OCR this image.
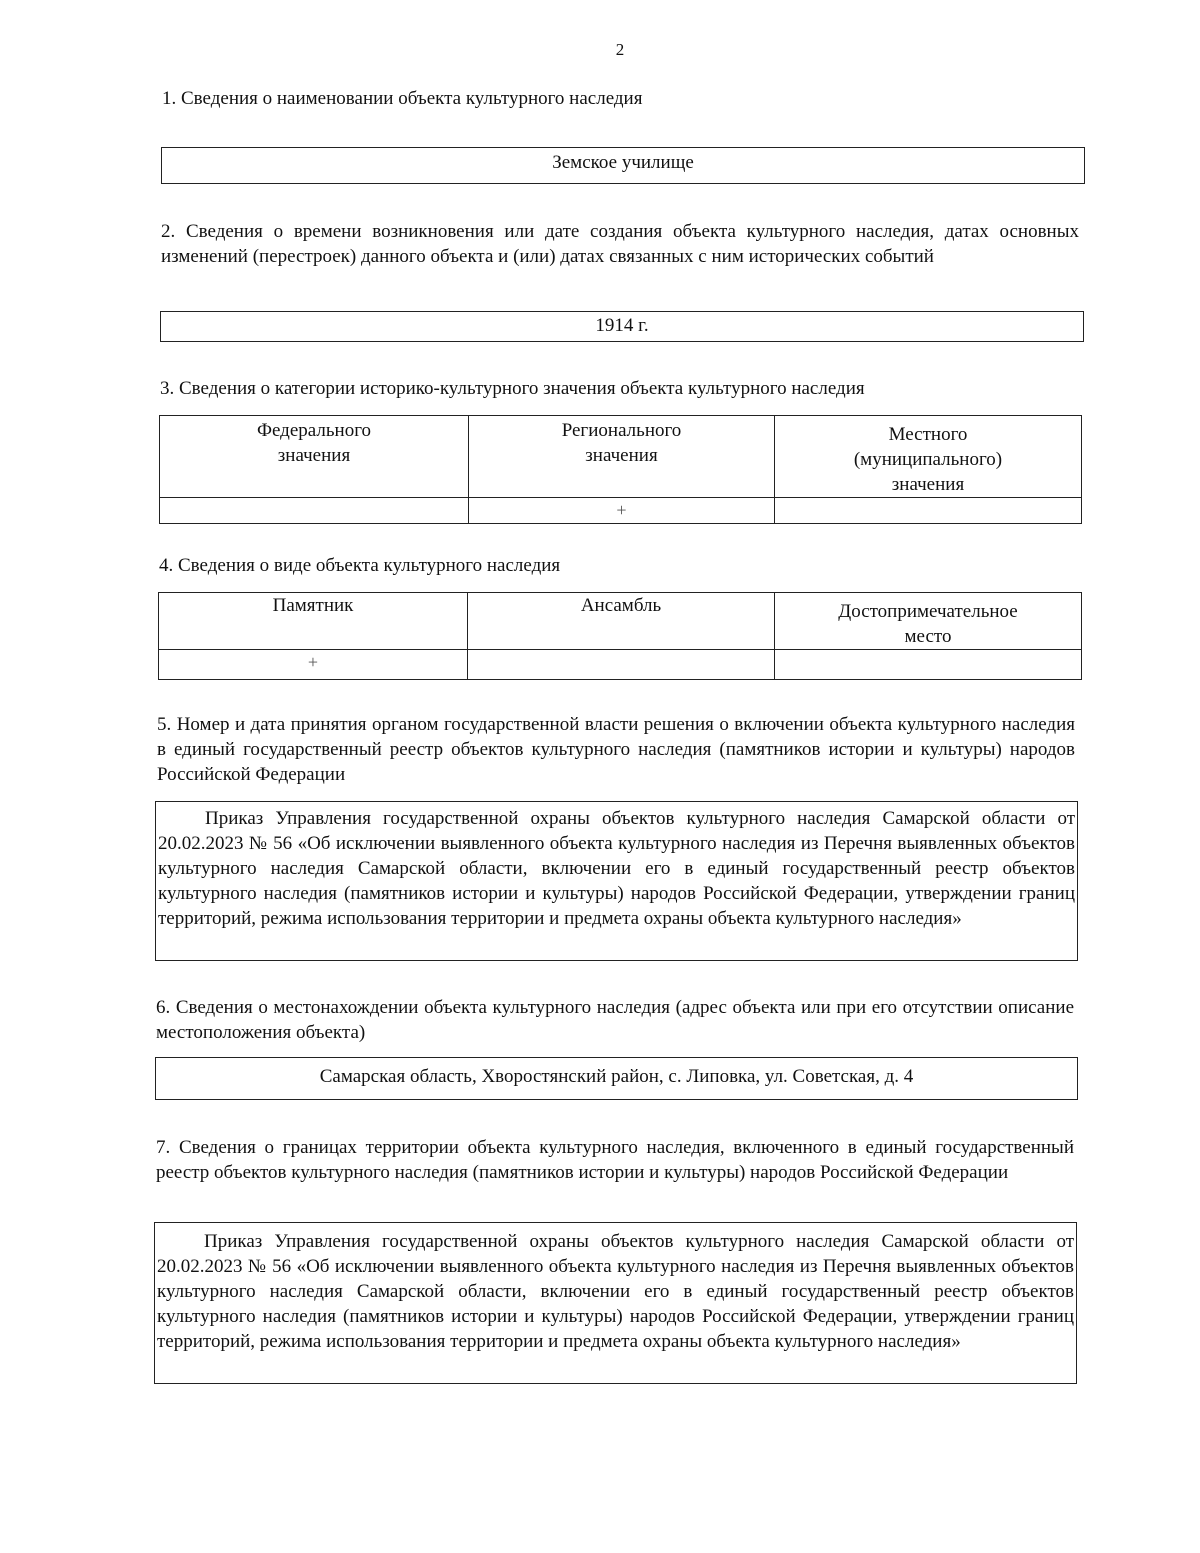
2

1. Сведения о наименовании объекта культурного наследия

Земское училище

2. Сведения о времени возникновения или дате создания объекта культурного наследия, датах основных изменений (перестроек) данного объекта и (или) датах связанных с ним исторических событий

1914 г.

3. Сведения о категории историко-культурного значения объекта культурного наследия

Федерального значения	Регионального значения	Местного (муниципального) значения

	+	

4. Сведения о виде объекта культурного наследия

Памятник	Ансамбль	Достопримечательное место

+		

5. Номер и дата принятия органом государственной власти решения о включении объекта культурного наследия в единый государственный реестр объектов культурного наследия (памятников истории и культуры) народов Российской Федерации

Приказ Управления государственной охраны объектов культурного наследия Самарской области от 20.02.2023 № 56 «Об исключении выявленного объекта культурного наследия из Перечня выявленных объектов культурного наследия Самарской области, включении его в единый государственный реестр объектов культурного наследия (памятников истории и культуры) народов Российской Федерации, утверждении границ территорий, режима использования территории и предмета охраны объекта культурного наследия»

6. Сведения о местонахождении объекта культурного наследия (адрес объекта или при его отсутствии описание местоположения объекта)

Самарская область, Хворостянский район, с. Липовка, ул. Советская, д. 4

7. Сведения о границах территории объекта культурного наследия, включенного в единый государственный реестр объектов культурного наследия (памятников истории и культуры) народов Российской Федерации

Приказ Управления государственной охраны объектов культурного наследия Самарской области от 20.02.2023 № 56 «Об исключении выявленного объекта культурного наследия из Перечня выявленных объектов культурного наследия Самарской области, включении его в единый государственный реестр объектов культурного наследия (памятников истории и культуры) народов Российской Федерации, утверждении границ территорий, режима использования территории и предмета охраны объекта культурного наследия»
